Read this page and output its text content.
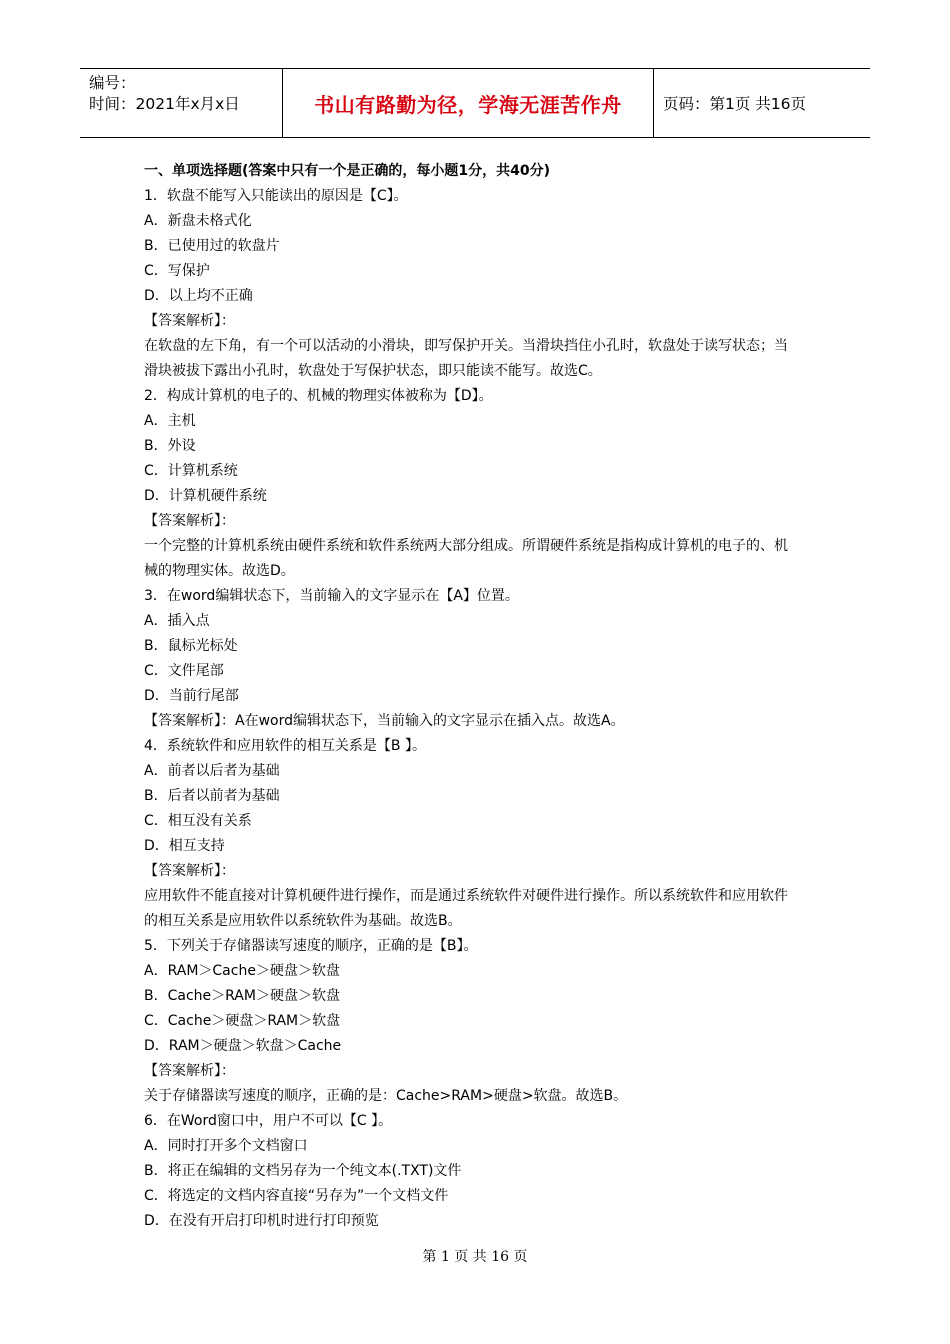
编号：
时间：2021年x月x日	书山有路勤为径，学海无涯苦作舟	页码：第1页 共16页
一、单项选择题(答案中只有一个是正确的，每小题1分，共40分)
1．软盘不能写入只能读出的原因是【C】。
A．新盘未格式化
B．已使用过的软盘片
C．写保护
D．以上均不正确
【答案解析】：
在软盘的左下角，有一个可以活动的小滑块，即写保护开关。当滑块挡住小孔时，软盘处于读写状态；当
滑块被拔下露出小孔时，软盘处于写保护状态，即只能读不能写。故选C。
2．构成计算机的电子的、机械的物理实体被称为【D】。
A．主机
B．外设
C．计算机系统
D．计算机硬件系统
【答案解析】：
一个完整的计算机系统由硬件系统和软件系统两大部分组成。所谓硬件系统是指构成计算机的电子的、机
械的物理实体。故选D。
3．在word编辑状态下，当前输入的文字显示在【A】位置。
A．插入点
B．鼠标光标处
C．文件尾部
D．当前行尾部
【答案解析】：A在word编辑状态下，当前输入的文字显示在插入点。故选A。
4．系统软件和应用软件的相互关系是【B 】。
A．前者以后者为基础
B．后者以前者为基础
C．相互没有关系
D．相互支持
【答案解析】：
应用软件不能直接对计算机硬件进行操作，而是通过系统软件对硬件进行操作。所以系统软件和应用软件
的相互关系是应用软件以系统软件为基础。故选B。
5．下列关于存储器读写速度的顺序，正确的是【B】。
A．RAM＞Cache＞硬盘＞软盘
B．Cache＞RAM＞硬盘＞软盘
C．Cache＞硬盘＞RAM＞软盘
D．RAM＞硬盘＞软盘＞Cache
【答案解析】：
关于存储器读写速度的顺序，正确的是：Cache>RAM>硬盘>软盘。故选B。
6．在Word窗口中，用户不可以【C 】。
A．同时打开多个文档窗口
B．将正在编辑的文档另存为一个纯文本(.TXT)文件
C．将选定的文档内容直接“另存为”一个文档文件
D．在没有开启打印机时进行打印预览
第 1 页 共 16 页
